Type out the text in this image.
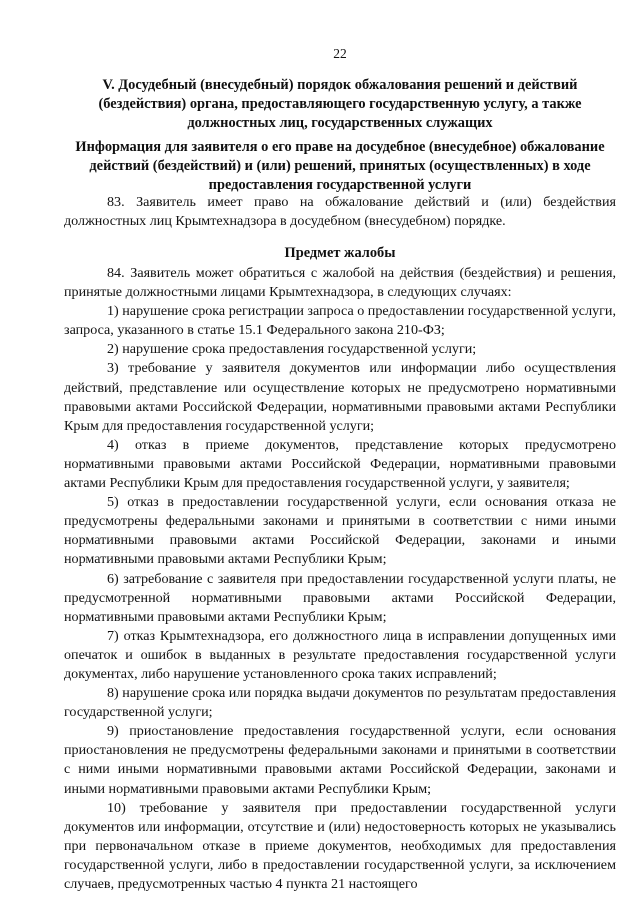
22

V. Досудебный (внесудебный) порядок обжалования решений и действий (бездействия) органа, предоставляющего государственную услугу, а также должностных лиц, государственных служащих

Информация для заявителя о его праве на досудебное (внесудебное) обжалование действий (бездействий) и (или) решений, принятых (осуществленных) в ходе предоставления государственной услуги

83. Заявитель имеет право на обжалование действий и (или) бездействия должностных лиц Крымтехнадзора в досудебном (внесудебном) порядке.

Предмет жалобы

84. Заявитель может обратиться с жалобой на действия (бездействия) и решения, принятые должностными лицами Крымтехнадзора, в следующих случаях:

1) нарушение срока регистрации запроса о предоставлении государственной услуги, запроса, указанного в статье 15.1 Федерального закона 210-ФЗ;

2) нарушение срока предоставления государственной услуги;

3) требование у заявителя документов или информации либо осуществления действий, представление или осуществление которых не предусмотрено нормативными правовыми актами Российской Федерации, нормативными правовыми актами Республики Крым для предоставления государственной услуги;

4) отказ в приеме документов, представление которых предусмотрено нормативными правовыми актами Российской Федерации, нормативными правовыми актами Республики Крым для предоставления государственной услуги, у заявителя;

5) отказ в предоставлении государственной услуги, если основания отказа не предусмотрены федеральными законами и принятыми в соответствии с ними иными нормативными правовыми актами Российской Федерации, законами и иными нормативными правовыми актами Республики Крым;

6) затребование с заявителя при предоставлении государственной услуги платы, не предусмотренной нормативными правовыми актами Российской Федерации, нормативными правовыми актами Республики Крым;

7) отказ Крымтехнадзора, его должностного лица в исправлении допущенных ими опечаток и ошибок в выданных в результате предоставления государственной услуги документах, либо нарушение установленного срока таких исправлений;

8) нарушение срока или порядка выдачи документов по результатам предоставления государственной услуги;

9) приостановление предоставления государственной услуги, если основания приостановления не предусмотрены федеральными законами и принятыми в соответствии с ними иными нормативными правовыми актами Российской Федерации, законами и иными нормативными правовыми актами Республики Крым;

10) требование у заявителя при предоставлении государственной услуги документов или информации, отсутствие и (или) недостоверность которых не указывались при первоначальном отказе в приеме документов, необходимых для предоставления государственной услуги, либо в предоставлении государственной услуги, за исключением случаев, предусмотренных частью 4 пункта 21 настоящего
